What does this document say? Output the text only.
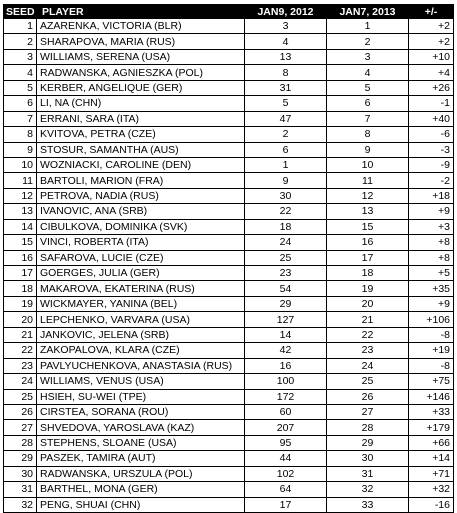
SEED	PLAYER	JAN9, 2012	JAN7, 2013	+/-
1	AZARENKA, VICTORIA (BLR)	3	1	+2
2	SHARAPOVA, MARIA (RUS)	4	2	+2
3	WILLIAMS, SERENA (USA)	13	3	+10
4	RADWANSKA, AGNIESZKA (POL)	8	4	+4
5	KERBER, ANGELIQUE (GER)	31	5	+26
6	LI, NA (CHN)	5	6	-1
7	ERRANI, SARA (ITA)	47	7	+40
8	KVITOVA, PETRA (CZE)	2	8	-6
9	STOSUR, SAMANTHA (AUS)	6	9	-3
10	WOZNIACKI, CAROLINE (DEN)	1	10	-9
11	BARTOLI, MARION (FRA)	9	11	-2
12	PETROVA, NADIA (RUS)	30	12	+18
13	IVANOVIC, ANA (SRB)	22	13	+9
14	CIBULKOVA, DOMINIKA (SVK)	18	15	+3
15	VINCI, ROBERTA (ITA)	24	16	+8
16	SAFAROVA, LUCIE (CZE)	25	17	+8
17	GOERGES, JULIA (GER)	23	18	+5
18	MAKAROVA, EKATERINA (RUS)	54	19	+35
19	WICKMAYER, YANINA (BEL)	29	20	+9
20	LEPCHENKO, VARVARA (USA)	127	21	+106
21	JANKOVIC, JELENA (SRB)	14	22	-8
22	ZAKOPALOVA, KLARA (CZE)	42	23	+19
23	PAVLYUCHENKOVA, ANASTASIA (RUS)	16	24	-8
24	WILLIAMS, VENUS (USA)	100	25	+75
25	HSIEH, SU-WEI (TPE)	172	26	+146
26	CIRSTEA, SORANA (ROU)	60	27	+33
27	SHVEDOVA, YAROSLAVA (KAZ)	207	28	+179
28	STEPHENS, SLOANE (USA)	95	29	+66
29	PASZEK, TAMIRA (AUT)	44	30	+14
30	RADWANSKA, URSZULA (POL)	102	31	+71
31	BARTHEL, MONA (GER)	64	32	+32
32	PENG, SHUAI (CHN)	17	33	-16
